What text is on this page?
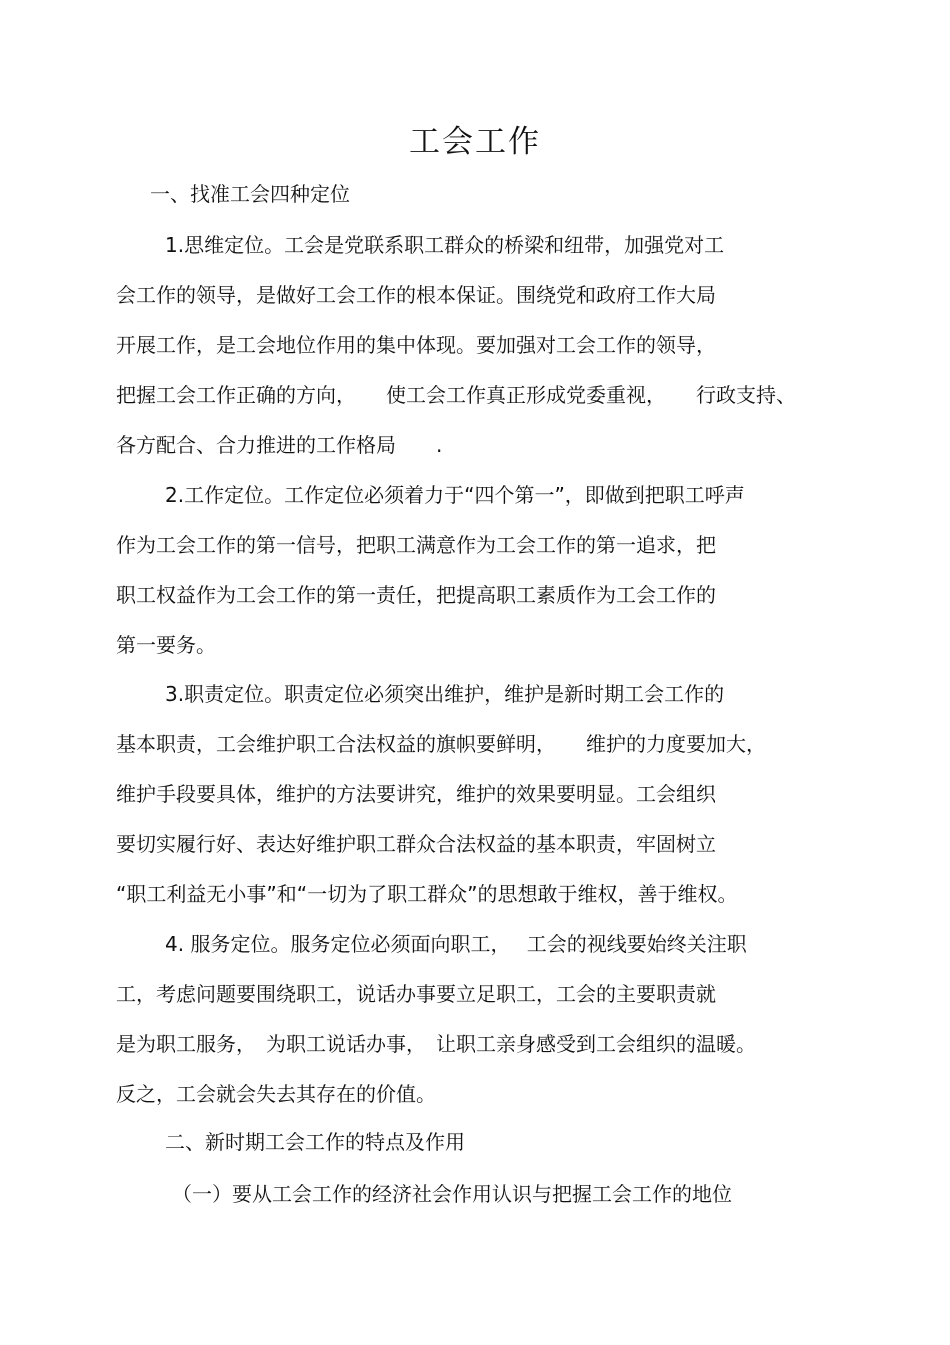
工会工作
一、找准工会四种定位
1.思维定位。工会是党联系职工群众的桥梁和纽带，加强党对工
会工作的领导，是做好工会工作的根本保证。围绕党和政府工作大局
开展工作，是工会地位作用的集中体现。要加强对工会工作的领导，
把握工会工作正确的方向，　　使工会工作真正形成党委重视，　　行政支持、
各方配合、合力推进的工作格局　　.
2.工作定位。工作定位必须着力于“四个第一”，即做到把职工呼声
作为工会工作的第一信号，把职工满意作为工会工作的第一追求，把
职工权益作为工会工作的第一责任，把提高职工素质作为工会工作的
第一要务。
3.职责定位。职责定位必须突出维护，维护是新时期工会工作的
基本职责，工会维护职工合法权益的旗帜要鲜明，　　维护的力度要加大，
维护手段要具体，维护的方法要讲究，维护的效果要明显。工会组织
要切实履行好、表达好维护职工群众合法权益的基本职责，牢固树立
“职工利益无小事”和“一切为了职工群众”的思想敢于维权，善于维权。
4. 服务定位。服务定位必须面向职工，　 工会的视线要始终关注职
工，考虑问题要围绕职工，说话办事要立足职工，工会的主要职责就
是为职工服务，　为职工说话办事，　让职工亲身感受到工会组织的温暖。
反之，工会就会失去其存在的价值。
二、新时期工会工作的特点及作用
（一）要从工会工作的经济社会作用认识与把握工会工作的地位
